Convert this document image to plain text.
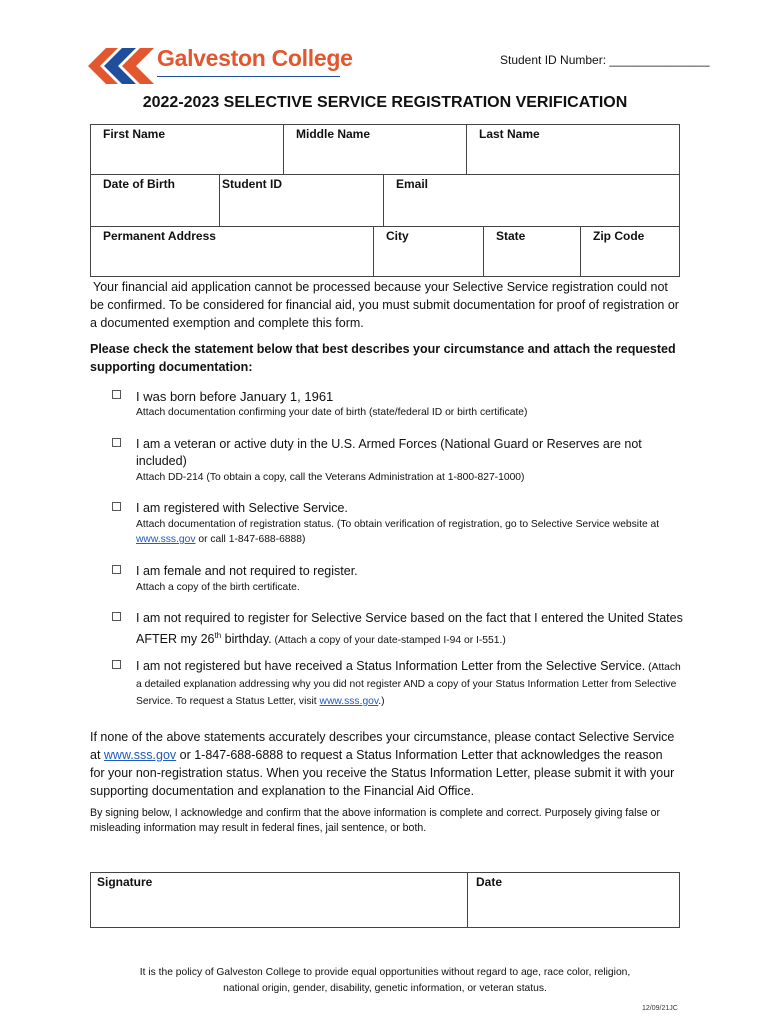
Galveston College	Student ID Number: _______________
2022-2023 SELECTIVE SERVICE REGISTRATION VERIFICATION
First Name	Middle Name	Last Name
Date of Birth	Student ID	Email
Permanent Address	City	State	Zip Code
Your financial aid application cannot be processed because your Selective Service registration could not be confirmed. To be considered for financial aid, you must submit documentation for proof of registration or a documented exemption and complete this form.
Please check the statement below that best describes your circumstance and attach the requested supporting documentation:
I was born before January 1, 1961
Attach documentation confirming your date of birth (state/federal ID or birth certificate)
I am a veteran or active duty in the U.S. Armed Forces (National Guard or Reserves are not included)
Attach DD-214 (To obtain a copy, call the Veterans Administration at 1-800-827-1000)
I am registered with Selective Service.
Attach documentation of registration status. (To obtain verification of registration, go to Selective Service website at www.sss.gov or call 1-847-688-6888)
I am female and not required to register.
Attach a copy of the birth certificate.
I am not required to register for Selective Service based on the fact that I entered the United States AFTER my 26th birthday. (Attach a copy of your date-stamped I-94 or I-551.)
I am not registered but have received a Status Information Letter from the Selective Service. (Attach a detailed explanation addressing why you did not register AND a copy of your Status Information Letter from Selective Service. To request a Status Letter, visit www.sss.gov.)
If none of the above statements accurately describes your circumstance, please contact Selective Service at www.sss.gov or 1-847-688-6888 to request a Status Information Letter that acknowledges the reason for your non-registration status. When you receive the Status Information Letter, please submit it with your supporting documentation and explanation to the Financial Aid Office.
By signing below, I acknowledge and confirm that the above information is complete and correct. Purposely giving false or misleading information may result in federal fines, jail sentence, or both.
Signature	Date
It is the policy of Galveston College to provide equal opportunities without regard to age, race color, religion,
national origin, gender, disability, genetic information, or veteran status.
12/09/21JC
